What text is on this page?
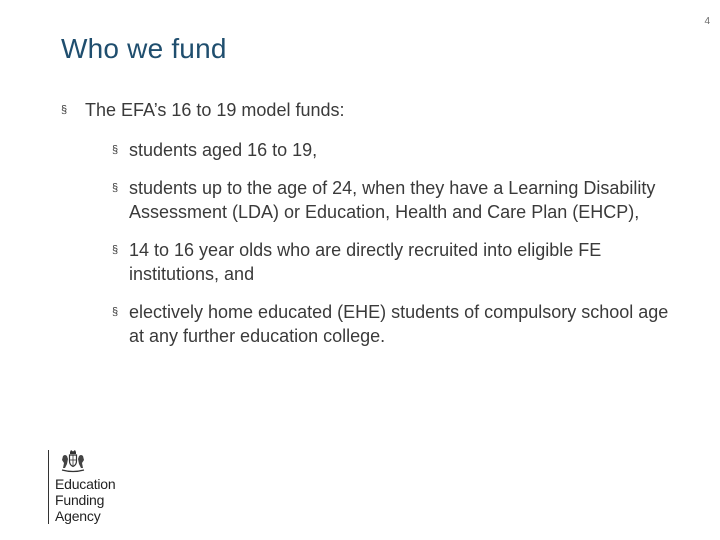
4
Who we fund
§ The EFA’s 16 to 19 model funds:
§ students aged 16 to 19,
§ students up to the age of 24, when they have a Learning Disability Assessment (LDA) or Education, Health and Care Plan (EHCP),
§ 14 to 16 year olds who are directly recruited into eligible FE institutions, and
§ electively home educated (EHE) students of compulsory school age at any further education college.
Education
Funding
Agency
